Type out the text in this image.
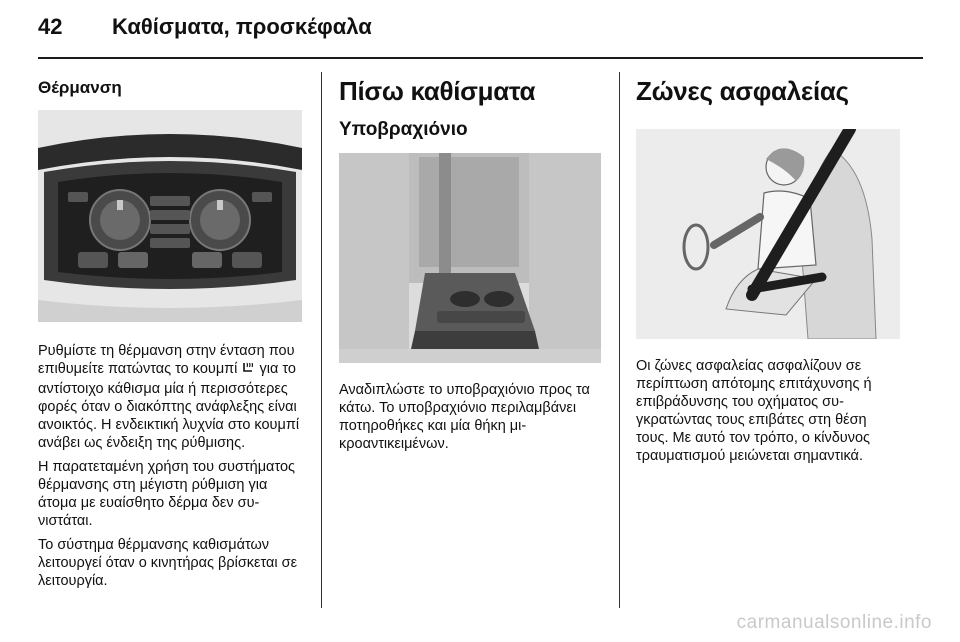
42	Καθίσματα, προσκέφαλα
Θέρμανση

Ρυθμίστε τη θέρμανση στην ένταση που επιθυμείτε πατώντας το κουμπί  για το αντίστοιχο κάθισμα μία ή περισσότερες φορές όταν ο διακόπτης ανάφλεξης είναι ανοικτός. Η ενδεικτική λυχνία στο κουμπί ανάβει ως ένδειξη της ρύθμισης.

Η παρατεταμένη χρήση του συστήματος θέρμανσης στη μέγιστη ρύθμιση για άτομα με ευαίσθητο δέρμα δεν συνιστάται.

Το σύστημα θέρμανσης καθισμάτων λειτουργεί όταν ο κινητήρας βρίσκεται σε λειτουργία.

Πίσω καθίσματα
Υποβραχιόνιο

Αναδιπλώστε το υποβραχιόνιο προς τα κάτω. Το υποβραχιόνιο περιλαμβάνει ποτηροθήκες και μία θήκη μικροαντικειμένων.

Ζώνες ασφαλείας

Οι ζώνες ασφαλείας ασφαλίζουν σε περίπτωση απότομης επιτάχυνσης ή επιβράδυνσης του οχήματος συγκρατώντας τους επιβάτες στη θέση τους. Με αυτό τον τρόπο, ο κίνδυνος τραυματισμού μειώνεται σημαντικά.

carmanualsonline.info
